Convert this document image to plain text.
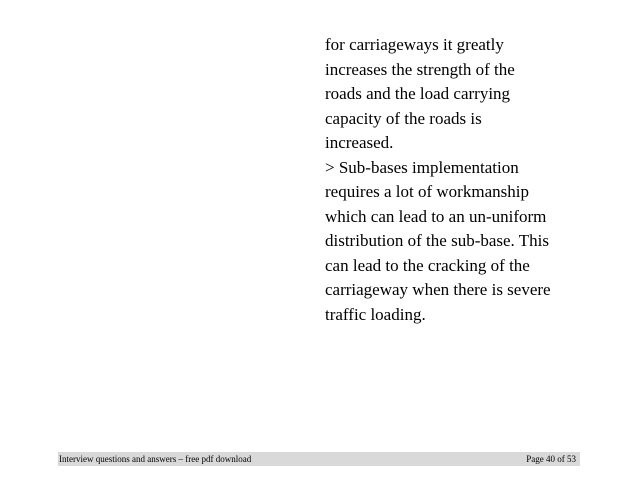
for carriageways it greatly
increases the strength of the
roads and the load carrying
capacity of the roads is
increased.
> Sub-bases implementation
requires a lot of workmanship
which can lead to an un-uniform
distribution of the sub-base. This
can lead to the cracking of the
carriageway when there is severe
traffic loading.
Interview questions and answers – free pdf download	Page 40 of 53
